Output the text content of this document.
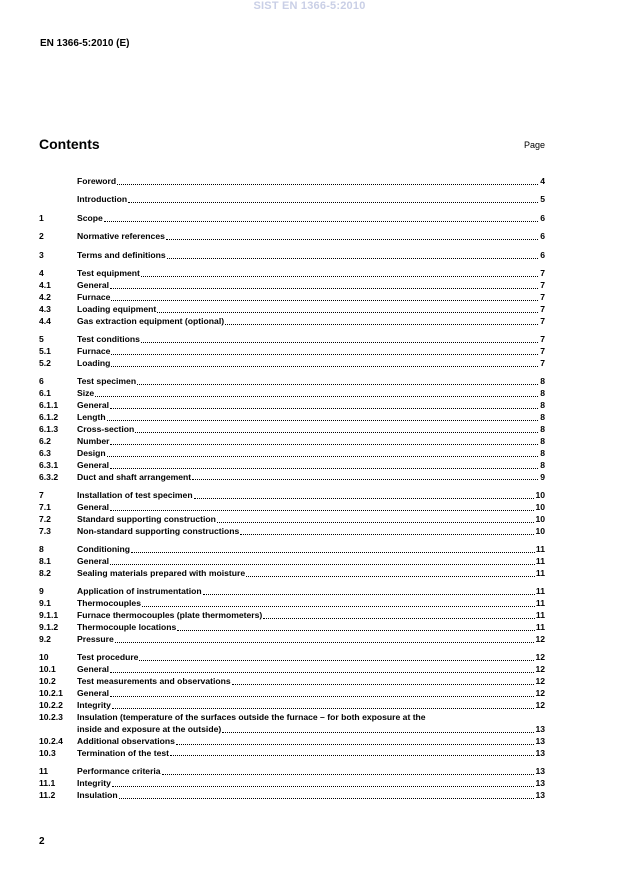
SIST EN 1366-5:2010
EN 1366-5:2010 (E)
Contents	Page
Foreword	4
Introduction	5
1	Scope	6
2	Normative references	6
3	Terms and definitions	6
4	Test equipment	7
4.1	General	7
4.2	Furnace	7
4.3	Loading equipment	7
4.4	Gas extraction equipment (optional)	7
5	Test conditions	7
5.1	Furnace	7
5.2	Loading	7
6	Test specimen	8
6.1	Size	8
6.1.1	General	8
6.1.2	Length	8
6.1.3	Cross-section	8
6.2	Number	8
6.3	Design	8
6.3.1	General	8
6.3.2	Duct and shaft arrangement	9
7	Installation of test specimen	10
7.1	General	10
7.2	Standard supporting construction	10
7.3	Non-standard supporting constructions	10
8	Conditioning	11
8.1	General	11
8.2	Sealing materials prepared with moisture	11
9	Application of instrumentation	11
9.1	Thermocouples	11
9.1.1	Furnace thermocouples (plate thermometers)	11
9.1.2	Thermocouple locations	11
9.2	Pressure	12
10	Test procedure	12
10.1	General	12
10.2	Test measurements and observations	12
10.2.1	General	12
10.2.2	Integrity	12
10.2.3	Insulation (temperature of the surfaces outside the furnace – for both exposure at the
inside and exposure at the outside)	13
10.2.4	Additional observations	13
10.3	Termination of the test	13
11	Performance criteria	13
11.1	Integrity	13
11.2	Insulation	13
2
